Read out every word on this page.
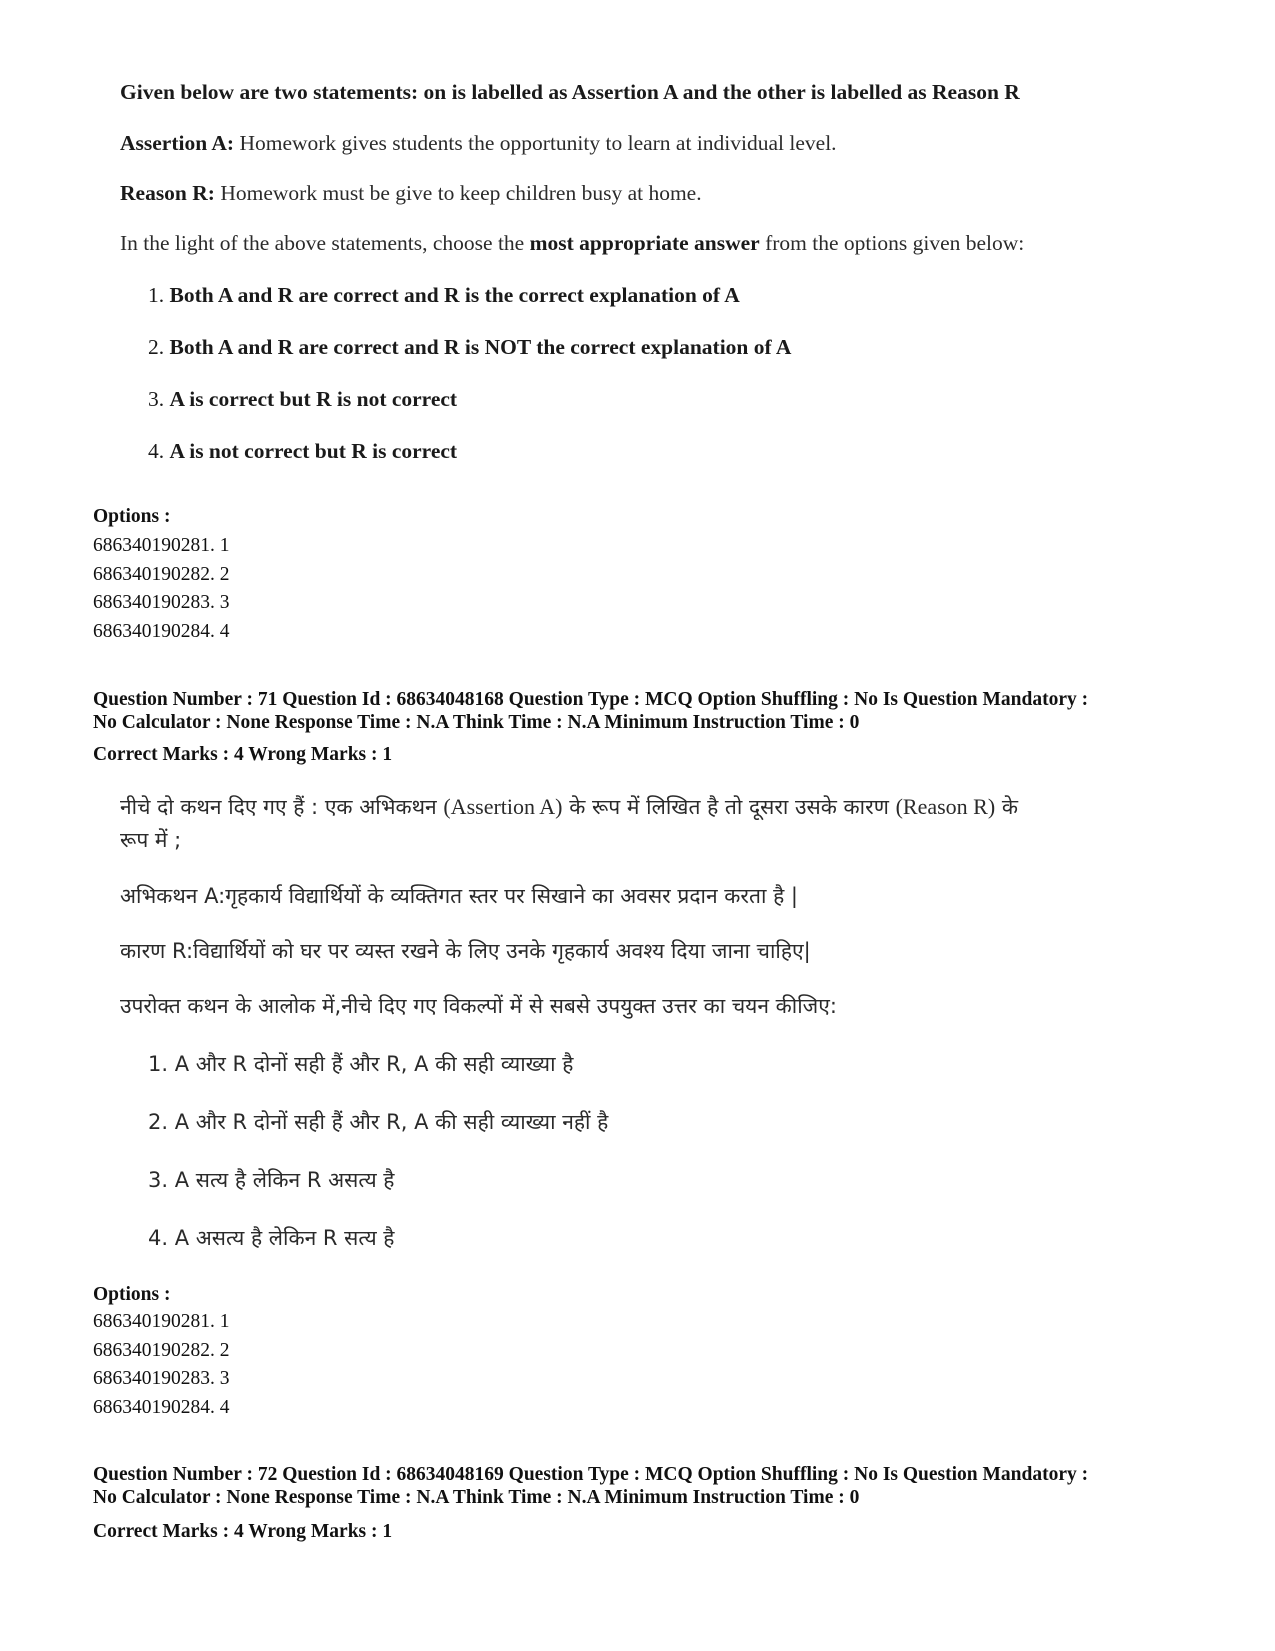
Given below are two statements: on is labelled as Assertion A and the other is labelled as Reason R
Assertion A: Homework gives students the opportunity to learn at individual level.
Reason R: Homework must be give to keep children busy at home.
In the light of the above statements, choose the most appropriate answer from the options given below:
1. Both A and R are correct and R is the correct explanation of A
2. Both A and R are correct and R is NOT the correct explanation of A
3. A is correct but R is not correct
4. A is not correct but R is correct
Options :
686340190281. 1
686340190282. 2
686340190283. 3
686340190284. 4
Question Number : 71 Question Id : 68634048168 Question Type : MCQ Option Shuffling : No Is Question Mandatory :
No Calculator : None Response Time : N.A Think Time : N.A Minimum Instruction Time : 0
Correct Marks : 4 Wrong Marks : 1
नीचे दो कथन दिए गए हैं : एक अभिकथन (Assertion A) के रूप में लिखित है तो दूसरा उसके कारण (Reason R) के
रूप में ;
अभिकथन A:गृहकार्य विद्यार्थियों के व्यक्तिगत स्तर पर सिखाने का अवसर प्रदान करता है |
कारण R:विद्यार्थियों को घर पर व्यस्त रखने के लिए उनके गृहकार्य अवश्य दिया जाना चाहिए|
उपरोक्त कथन के आलोक में,नीचे दिए गए विकल्पों में से सबसे उपयुक्त उत्तर का चयन कीजिए:
1. A और R दोनों सही हैं और R, A की सही व्याख्या है
2. A और R दोनों सही हैं और R, A की सही व्याख्या नहीं है
3. A सत्य है लेकिन R असत्य है
4. A असत्य है लेकिन R सत्य है
Options :
686340190281. 1
686340190282. 2
686340190283. 3
686340190284. 4
Question Number : 72 Question Id : 68634048169 Question Type : MCQ Option Shuffling : No Is Question Mandatory :
No Calculator : None Response Time : N.A Think Time : N.A Minimum Instruction Time : 0
Correct Marks : 4 Wrong Marks : 1
